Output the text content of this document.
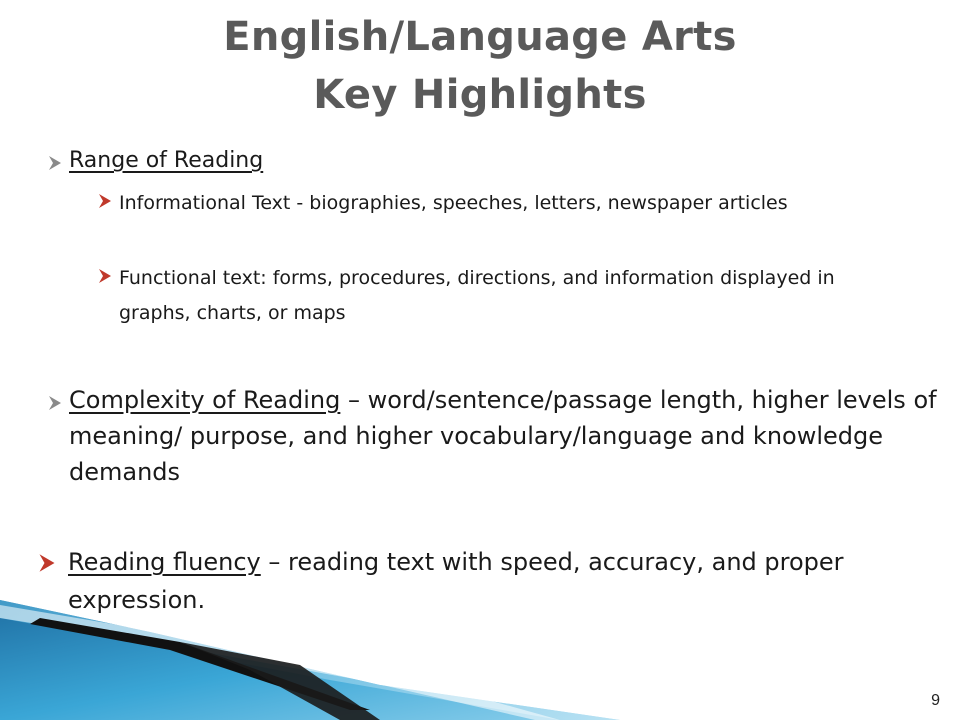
English/Language Arts
Key Highlights
Range of Reading
Informational Text - biographies, speeches, letters, newspaper articles
Functional text: forms, procedures, directions, and information displayed in graphs, charts, or maps
Complexity of Reading – word/sentence/passage length, higher levels of meaning/ purpose, and higher vocabulary/language and knowledge demands
Reading fluency – reading text with speed, accuracy, and proper expression.
9
